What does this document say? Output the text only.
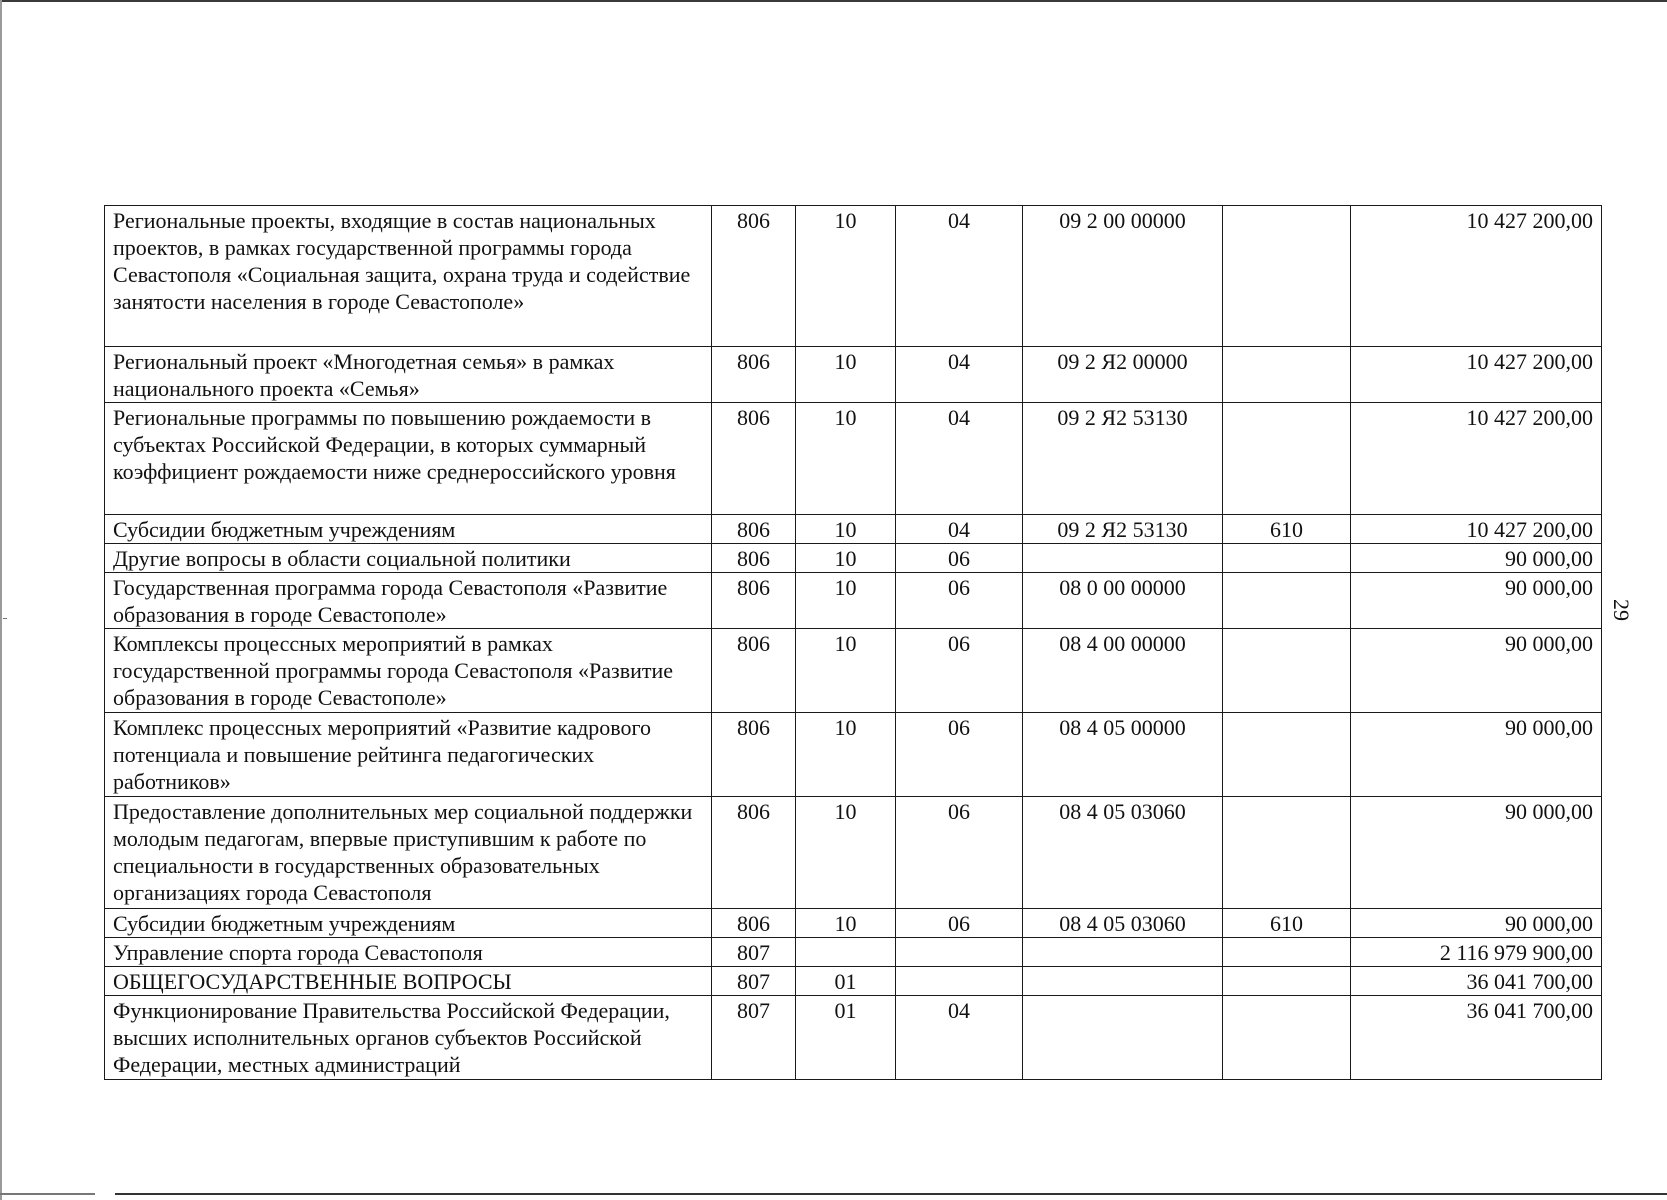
29
Региональные проекты, входящие в состав национальных проектов, в рамках государственной программы города Севастополя «Социальная защита, охрана труда и содействие занятости населения в городе Севастополе»	806	10	04	09 2 00 00000		10 427 200,00
Региональный проект «Многодетная семья» в рамках национального проекта «Семья»	806	10	04	09 2 Я2 00000		10 427 200,00
Региональные программы по повышению рождаемости в субъектах Российской Федерации, в которых суммарный коэффициент рождаемости ниже среднероссийского уровня	806	10	04	09 2 Я2 53130		10 427 200,00
Субсидии бюджетным учреждениям	806	10	04	09 2 Я2 53130	610	10 427 200,00
Другие вопросы в области социальной политики	806	10	06			90 000,00
Государственная программа города Севастополя «Развитие образования в городе Севастополе»	806	10	06	08 0 00 00000		90 000,00
Комплексы процессных мероприятий в рамках государственной программы города Севастополя «Развитие образования в городе Севастополе»	806	10	06	08 4 00 00000		90 000,00
Комплекс процессных мероприятий «Развитие кадрового потенциала и повышение рейтинга педагогических работников»	806	10	06	08 4 05 00000		90 000,00
Предоставление дополнительных мер социальной поддержки молодым педагогам, впервые приступившим к работе по специальности в государственных образовательных организациях города Севастополя	806	10	06	08 4 05 03060		90 000,00
Субсидии бюджетным учреждениям	806	10	06	08 4 05 03060	610	90 000,00
Управление спорта города Севастополя	807					2 116 979 900,00
ОБЩЕГОСУДАРСТВЕННЫЕ ВОПРОСЫ	807	01				36 041 700,00
Функционирование Правительства Российской Федерации, высших исполнительных органов субъектов Российской Федерации, местных администраций	807	01	04			36 041 700,00
